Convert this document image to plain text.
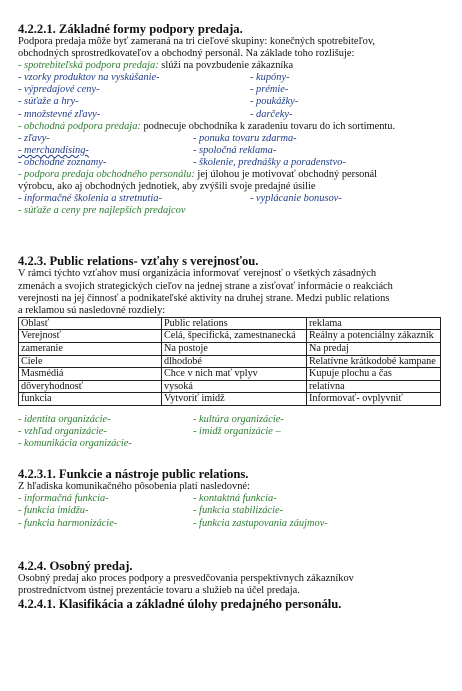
4.2.2.1. Základné formy podpory predaja.

Podpora predaja môže byť zameraná na tri cieľové skupiny: konečných spotrebiteľov,

obchodných sprostredkovateľov a obchodný personál. Na základe toho rozlišuje:

- spotrebiteľská podpora predaja: slúži na povzbudenie zákazníka

- vzorky produktov na vyskúšanie-	- kupóny-
- výpredajové ceny-	- prémie-
- súťaže a hry-	- poukážky-
- množstevné zľavy-	- darčeky-

- obchodná podpora predaja: podnecuje obchodníka k zaradeniu tovaru do ich sortimentu.

- zľavy-	- ponuka tovaru zdarma-
- merchandising-	- spoločná reklama-
- obchodné zoznamy-	- školenie, prednášky a poradenstvo-

- podpora predaja obchodného personálu: jej úlohou je motivovať obchodný personál

výrobcu, ako aj obchodných jednotiek, aby zvýšili svoje predajné úsilie

- informačné školenia a stretnutia-	- vyplácanie bonusov-

- súťaže a ceny pre najlepších predajcov

4.2.3. Public relations- vzťahy s verejnosťou.

V rámci týchto vzťahov musí organizácia informovať verejnosť o všetkých zásadných

zmenách a svojich strategických cieľov na jednej strane a zisťovať informácie o reakciách

verejnosti na jej činnosť a podnikateľské aktivity na druhej strane. Medzi public relations

a reklamou sú nasledovné rozdiely:

Oblasť	Public relations	reklama
Verejnosť	Celá, špecifická, zamestnanecká	Reálny a potenciálny zákazník
zameranie	Na postoje	Na predaj
Ciele	dlhodobé	Relatívne krátkodobé kampane
Masmédiá	Chce v nich mať vplyv	Kupuje plochu a čas
dôveryhodnosť	vysoká	relatívna
funkcia	Vytvoriť imidž	Informovať- ovplyvniť
- identita organizácie-	- kultúra organizácie-
- vzhľad organizácie-	- imidž organizácie –
- komunikácia organizácie-
4.2.3.1. Funkcie a nástroje public relations.

Z hľadiska komunikačného pôsobenia platí nasledovné:

- informačná funkcia-	- kontaktná funkcia-
- funkcia imidžu-	- funkcia stabilizácie-
- funkcia harmonizácie-	- funkcia zastupovania záujmov-
4.2.4. Osobný predaj.

Osobný predaj ako proces podpory a presvedčovania perspektívnych zákazníkov

prostredníctvom ústnej prezentácie tovaru a služieb na účel predaja.

4.2.4.1. Klasifikácia a základné úlohy predajného personálu.
